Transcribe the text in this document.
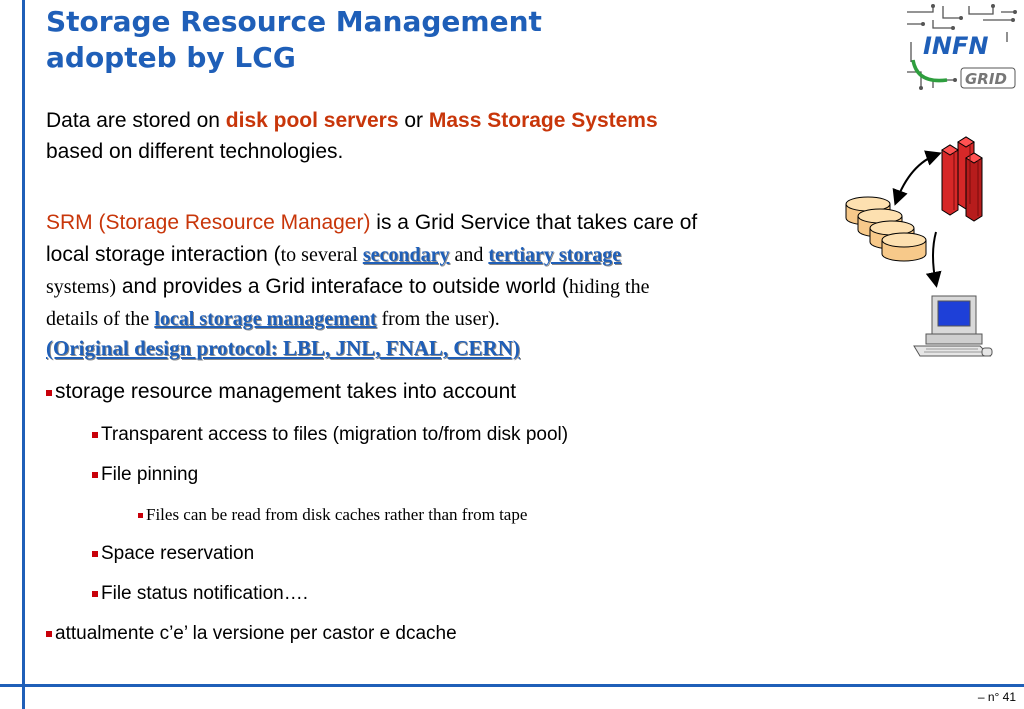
Storage Resource Management
adopteb by LCG	INFN
GRID

Data are stored on disk pool servers or Mass Storage Systems
based on different technologies.

SRM (Storage Resource Manager) is a Grid Service that takes care of
local storage interaction (to several secondary and tertiary storage
systems) and provides a Grid interaface to outside world (hiding the
details of the local storage management from the user).

(Original design protocol: LBL, JNL, FNAL, CERN)

storage resource management takes into account
Transparent access to files (migration to/from disk pool)
File pinning
Files can be read from disk caches rather than from tape
Space reservation
File status notification….
attualmente c’e’ la versione per castor e dcache
– n° 41
